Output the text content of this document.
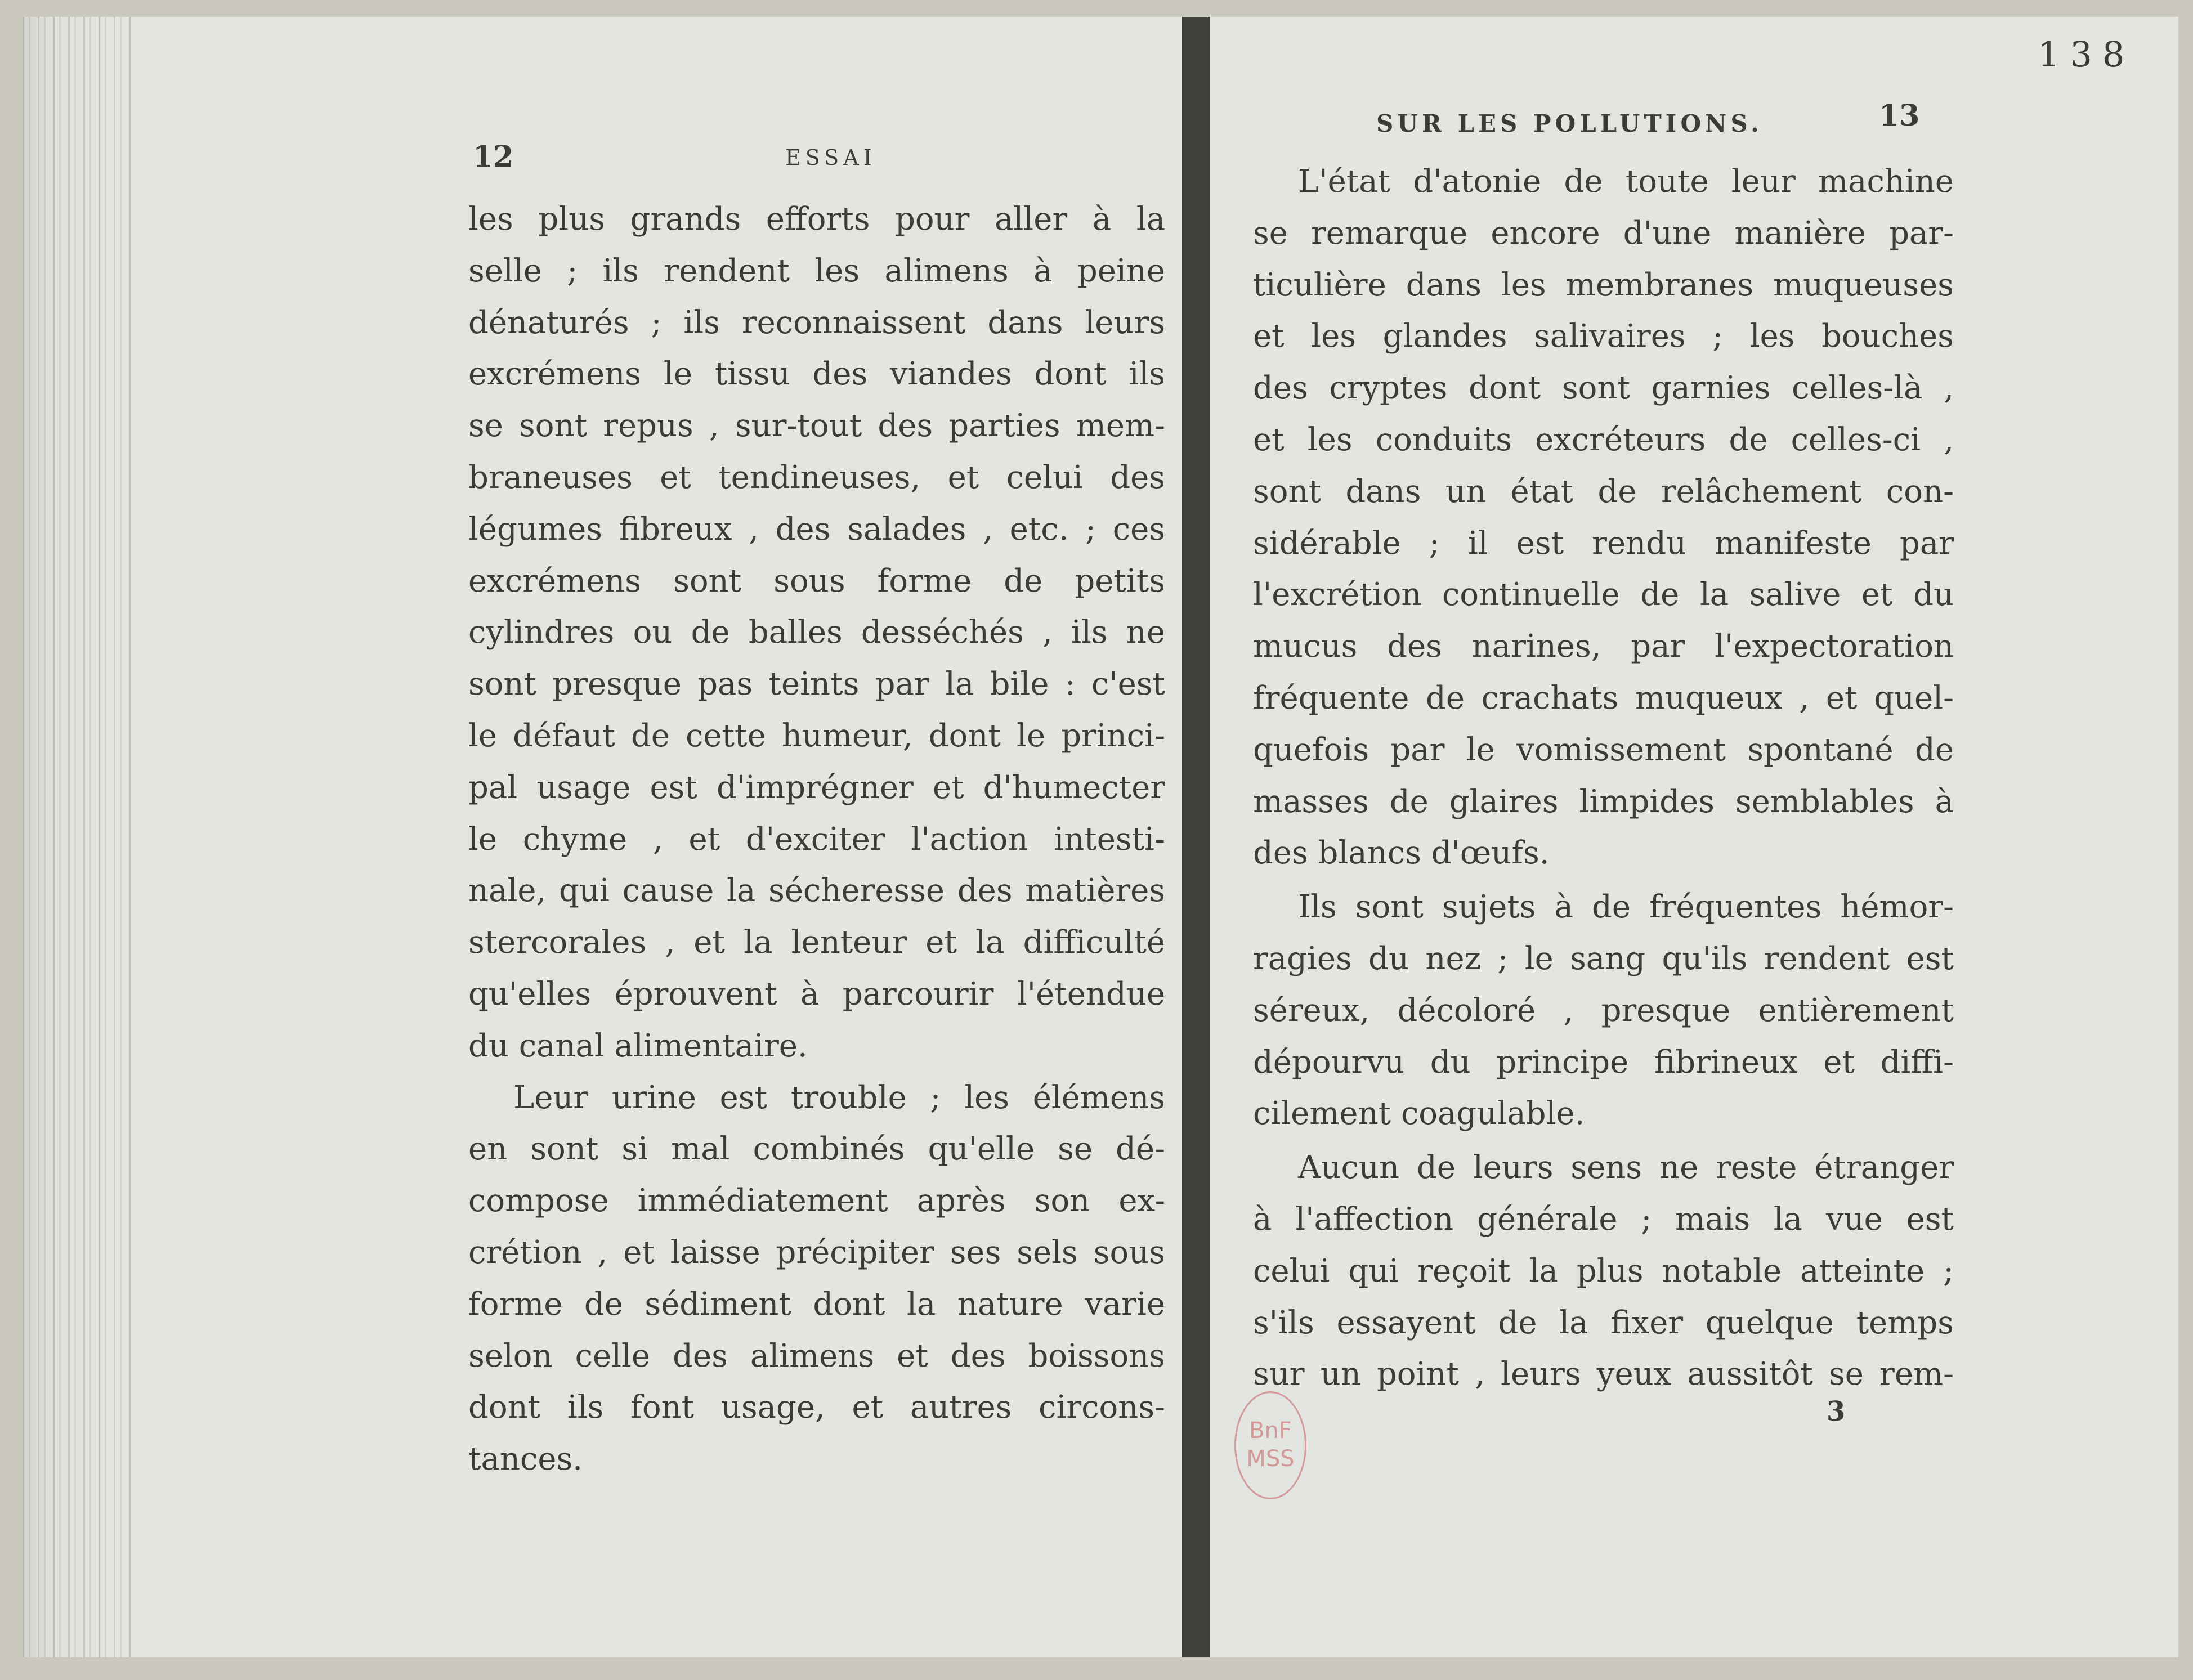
138
12	ESSAI
SUR LES POLLUTIONS.	13
3
les plus grands efforts pour aller à la
selle ; ils rendent les alimens à peine
dénaturés ; ils reconnaissent dans leurs
excrémens le tissu des viandes dont ils
se sont repus , sur-tout des parties mem-
braneuses et tendineuses, et celui des
légumes fibreux , des salades , etc. ; ces
excrémens sont sous forme de petits
cylindres ou de balles desséchés , ils ne
sont presque pas teints par la bile : c'est
le défaut de cette humeur, dont le princi-
pal usage est d'imprégner et d'humecter
le chyme , et d'exciter l'action intesti-
nale, qui cause la sécheresse des matières
stercorales , et la lenteur et la difficulté
qu'elles éprouvent à parcourir l'étendue
du canal alimentaire.
Leur urine est trouble ; les élémens
en sont si mal combinés qu'elle se dé-
compose immédiatement après son ex-
crétion , et laisse précipiter ses sels sous
forme de sédiment dont la nature varie
selon celle des alimens et des boissons
dont ils font usage, et autres circons-
tances.
L'état d'atonie de toute leur machine
se remarque encore d'une manière par-
ticulière dans les membranes muqueuses
et les glandes salivaires ; les bouches
des cryptes dont sont garnies celles-là ,
et les conduits excréteurs de celles-ci ,
sont dans un état de relâchement con-
sidérable ; il est rendu manifeste par
l'excrétion continuelle de la salive et du
mucus des narines, par l'expectoration
fréquente de crachats muqueux , et quel-
quefois par le vomissement spontané de
masses de glaires limpides semblables à
des blancs d'œufs.
Ils sont sujets à de fréquentes hémor-
ragies du nez ; le sang qu'ils rendent est
séreux, décoloré , presque entièrement
dépourvu du principe fibrineux et diffi-
cilement coagulable.
Aucun de leurs sens ne reste étranger
à l'affection générale ; mais la vue est
celui qui reçoit la plus notable atteinte ;
s'ils essayent de la fixer quelque temps
sur un point , leurs yeux aussitôt se rem-
BnF
MSS
